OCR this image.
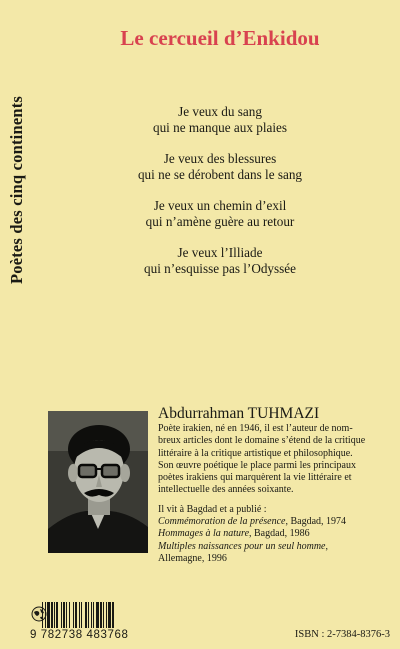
Poètes des cinq continents
Le cercueil d’Enkidou
Je veux du sang
qui ne manque aux plaies
Je veux des blessures
qui ne se dérobent dans le sang
Je veux un chemin d’exil
qui n’amène guère au retour
Je veux l’Illiade
qui n’esquisse pas l’Odyssée
Abdurrahman TUHMAZI

Poète irakien, né en 1946, il est l’auteur de nom-

breux articles dont le domaine s’étend de la critique

littéraire à la critique artistique et philosophique.

Son œuvre poétique le place parmi les principaux

poètes irakiens qui marquèrent la vie littéraire et

intellectuelle des années soixante.

Il vit à Bagdad et a publié :

Commémoration de la présence, Bagdad, 1974

Hommages à la nature, Bagdad, 1986

Multiples naissances pour un seul homme,

Allemagne, 1996

9 782738 483768	ISBN : 2-7384-8376-3
